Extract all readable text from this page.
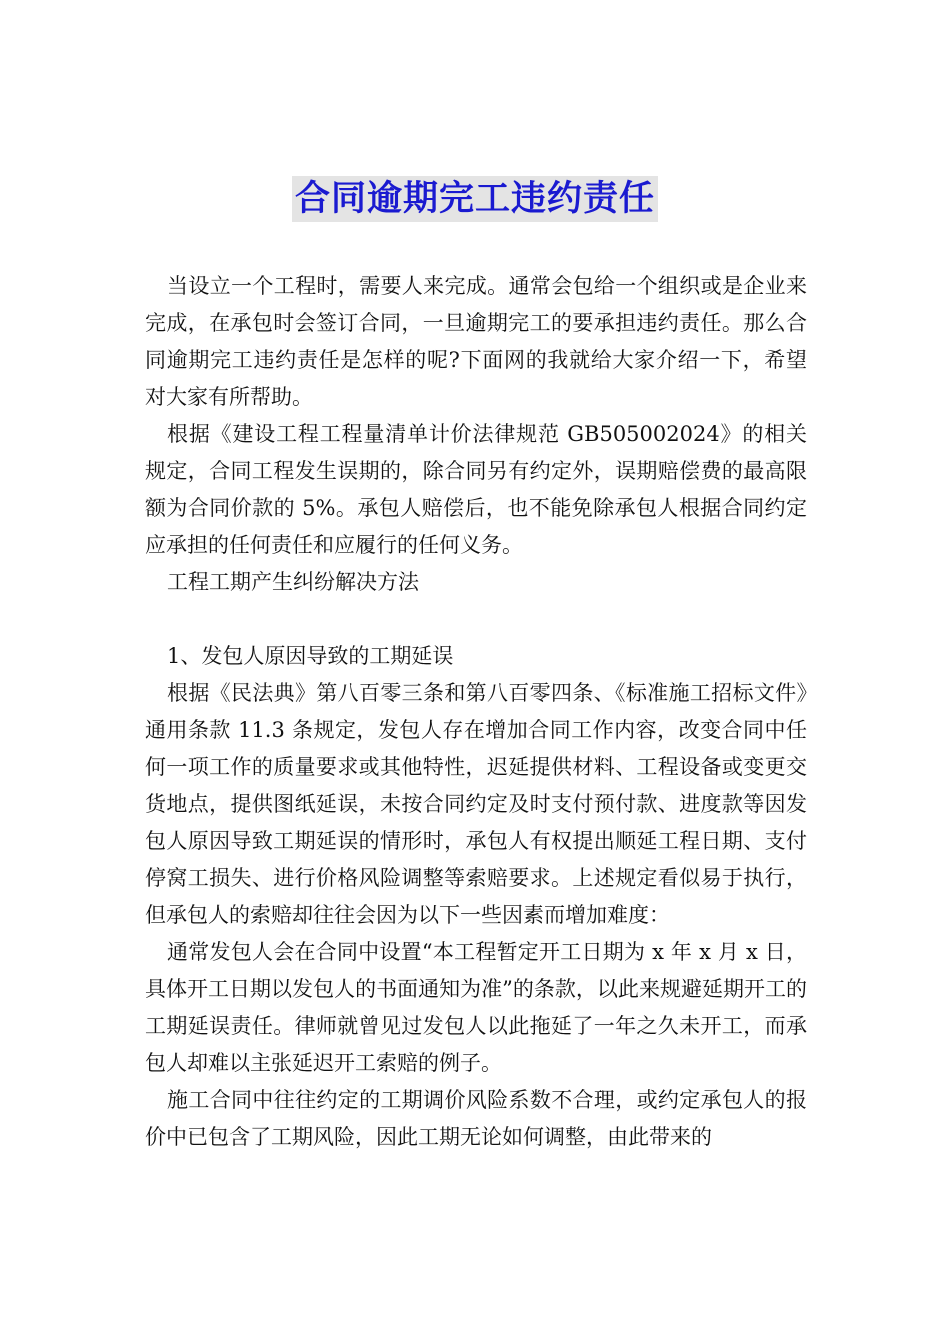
合同逾期完工违约责任

当设立一个工程时，需要人来完成。通常会包给一个组织或是企业来完成，在承包时会签订合同，一旦逾期完工的要承担违约责任。那么合同逾期完工违约责任是怎样的呢?下面网的我就给大家介绍一下，希望对大家有所帮助。

根据《建设工程工程量清单计价法律规范 GB505002024》的相关规定，合同工程发生误期的，除合同另有约定外，误期赔偿费的最高限额为合同价款的 5%。承包人赔偿后，也不能免除承包人根据合同约定应承担的任何责任和应履行的任何义务。

工程工期产生纠纷解决方法

1、发包人原因导致的工期延误

根据《民法典》第八百零三条和第八百零四条、《标准施工招标文件》通用条款 11.3 条规定，发包人存在增加合同工作内容，改变合同中任何一项工作的质量要求或其他特性，迟延提供材料、工程设备或变更交货地点，提供图纸延误，未按合同约定及时支付预付款、进度款等因发包人原因导致工期延误的情形时，承包人有权提出顺延工程日期、支付停窝工损失、进行价格风险调整等索赔要求。上述规定看似易于执行，但承包人的索赔却往往会因为以下一些因素而增加难度：

通常发包人会在合同中设置“本工程暂定开工日期为 x 年 x 月 x 日，具体开工日期以发包人的书面通知为准”的条款，以此来规避延期开工的工期延误责任。律师就曾见过发包人以此拖延了一年之久未开工，而承包人却难以主张延迟开工索赔的例子。

施工合同中往往约定的工期调价风险系数不合理，或约定承包人的报价中已包含了工期风险，因此工期无论如何调整，由此带来的
